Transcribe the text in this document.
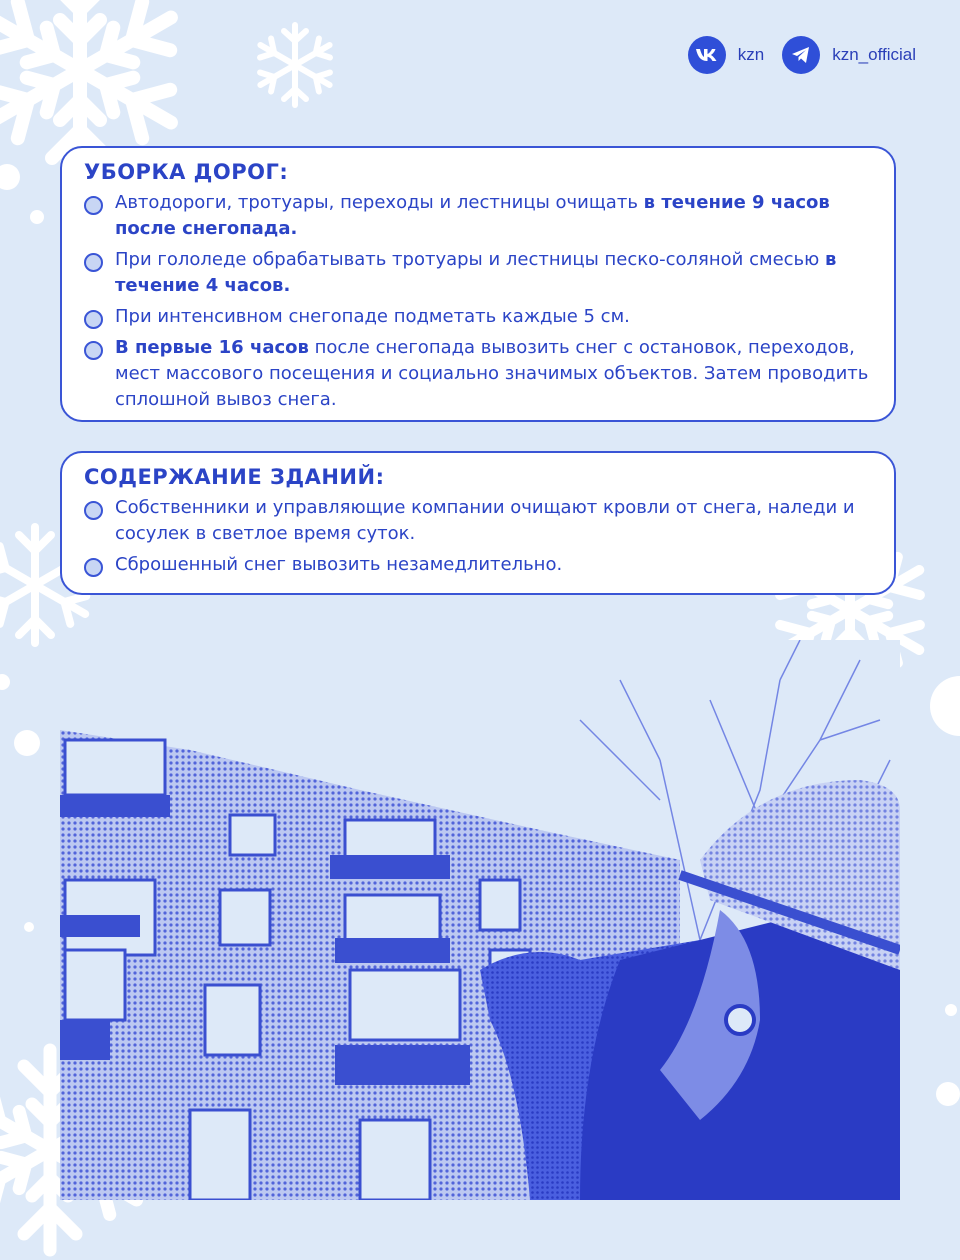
kzn	kzn_official
УБОРКА ДОРОГ:
Автодороги, тротуары, переходы и лестницы очищать в течение 9 часов после снегопада.
При гололеде обрабатывать тротуары и лестницы песко-соляной смесью в течение 4 часов.
При интенсивном снегопаде подметать каждые 5 см.
В первые 16 часов после снегопада вывозить снег с остановок, переходов, мест массового посещения и социально значимых объектов. Затем проводить сплошной вывоз снега.
СОДЕРЖАНИЕ ЗДАНИЙ:
Собственники и управляющие компании очищают кровли от снега, наледи и сосулек в светлое время суток.
Сброшенный снег вывозить незамедлительно.
